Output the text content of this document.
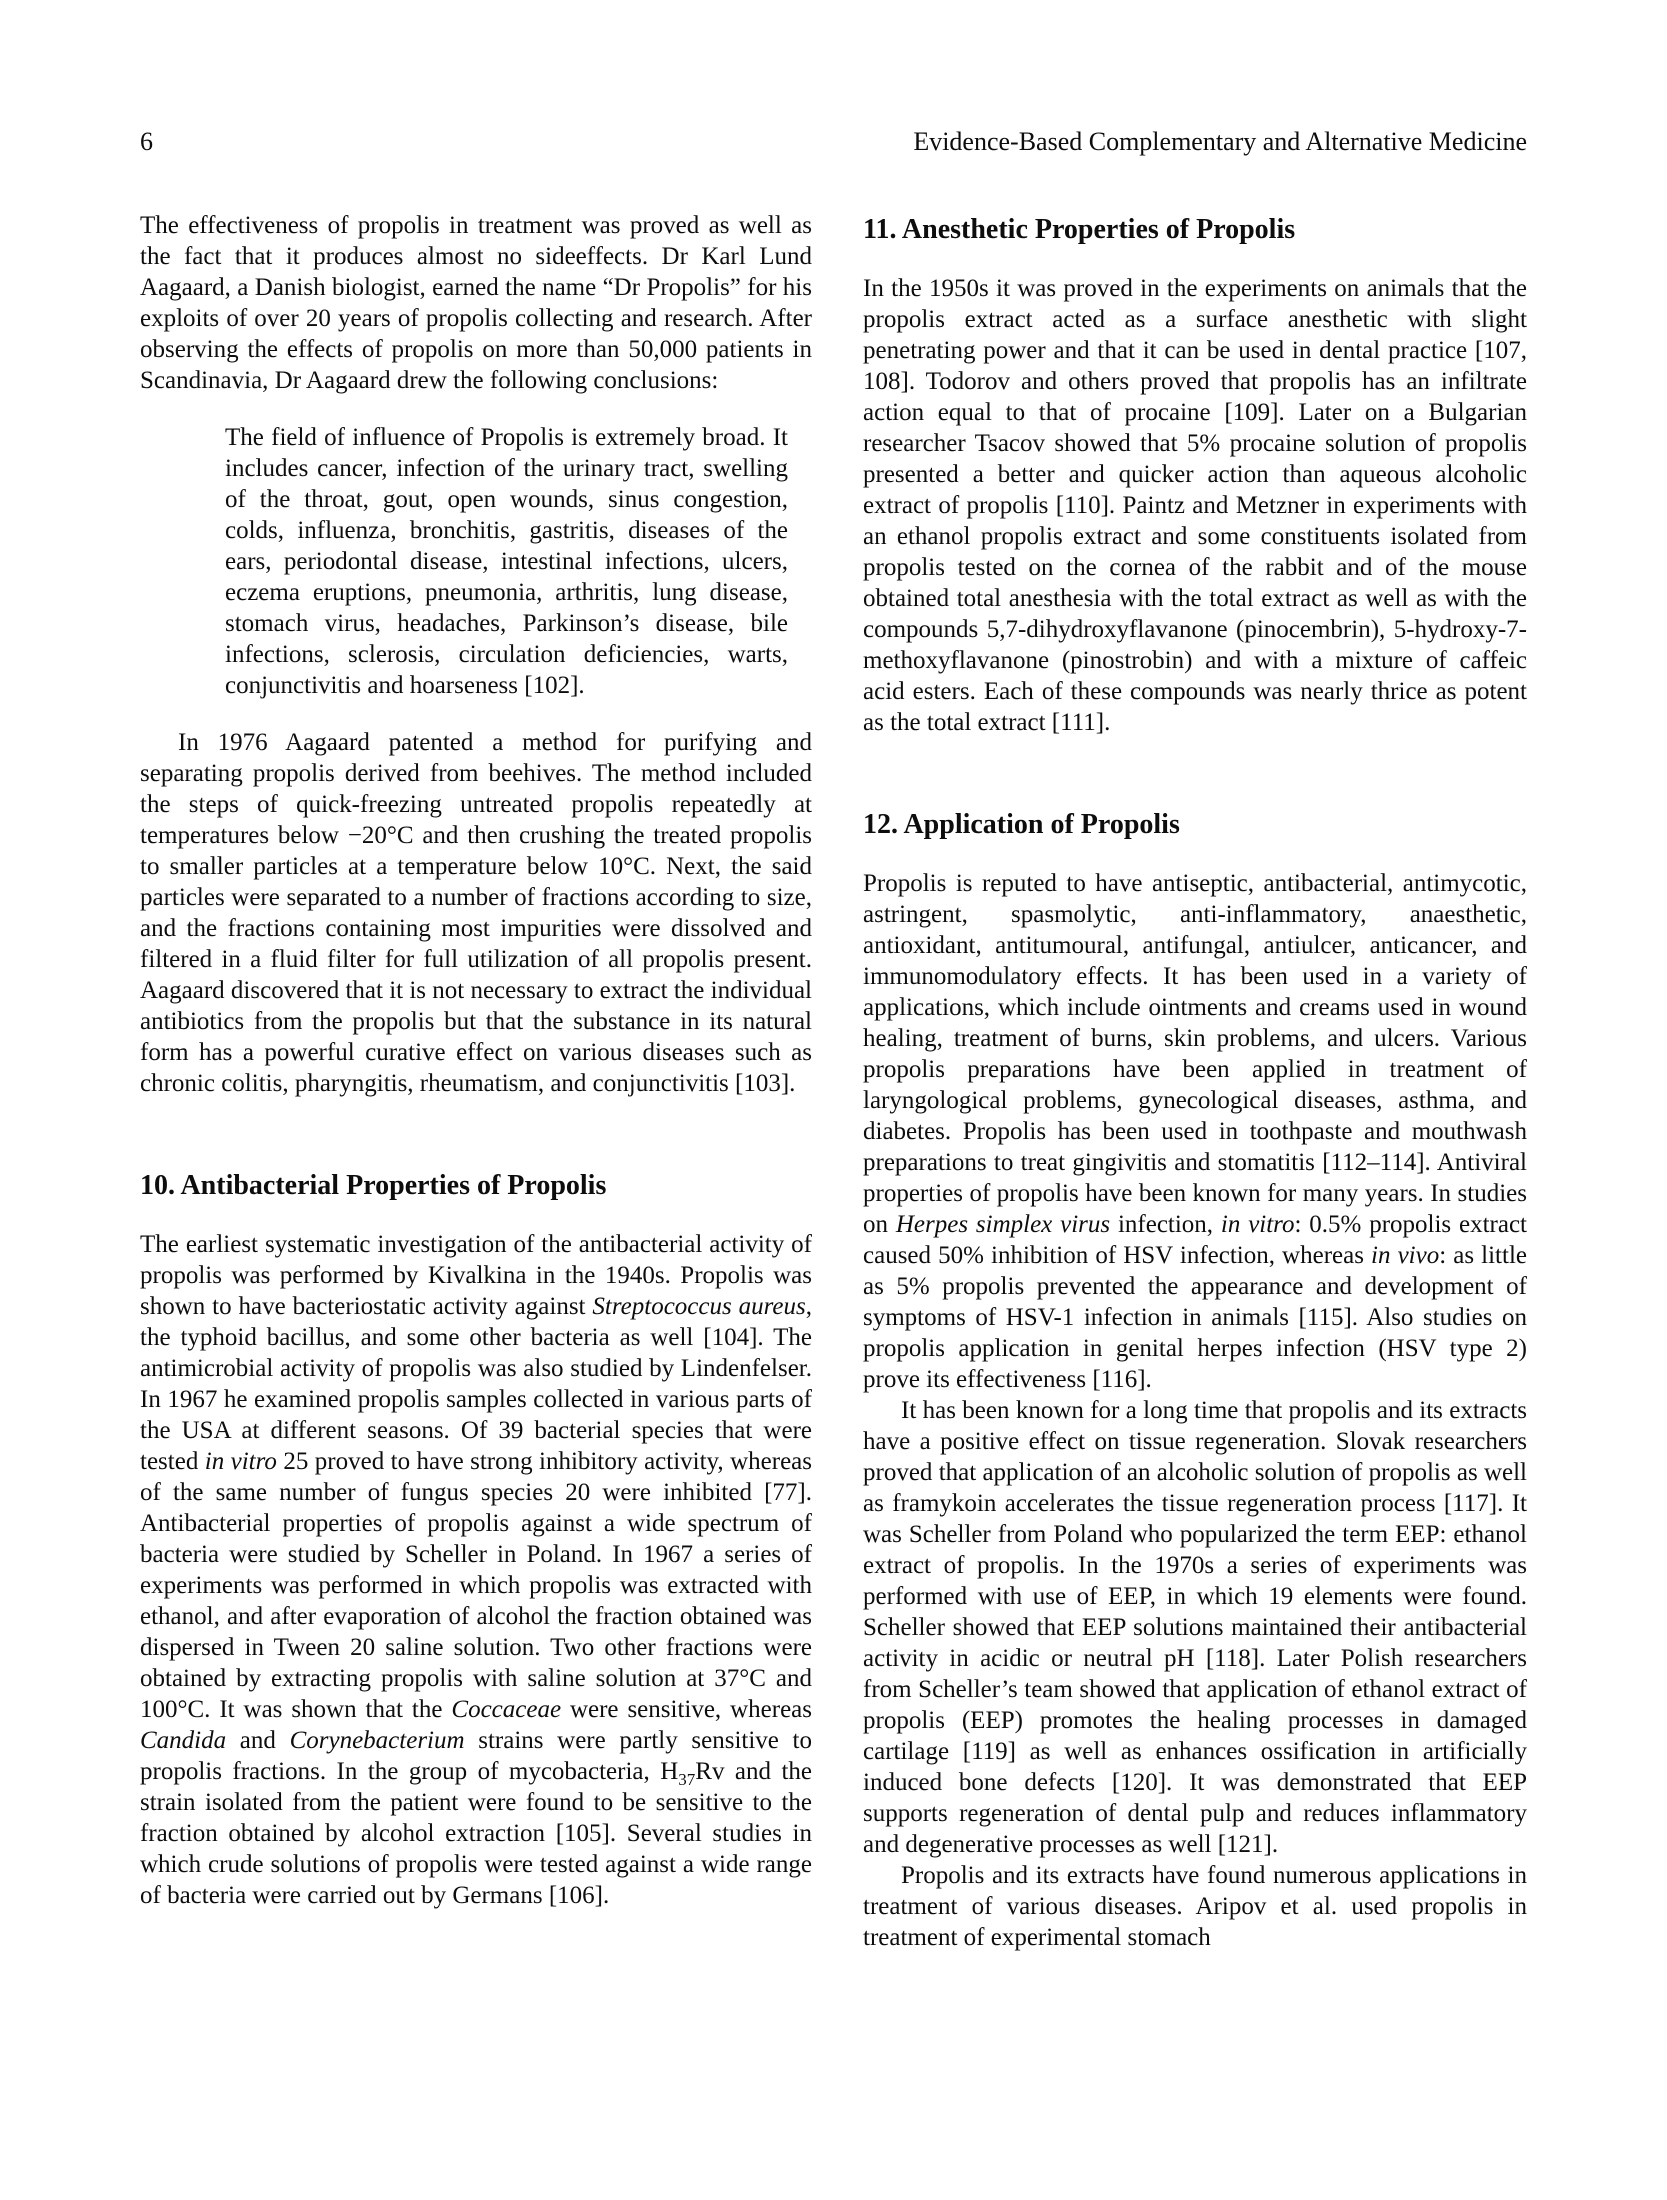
6	Evidence-Based Complementary and Alternative Medicine

The effectiveness of propolis in treatment was proved as well as the fact that it produces almost no sideeffects. Dr Karl Lund Aagaard, a Danish biologist, earned the name “Dr Propolis” for his exploits of over 20 years of propolis collecting and research. After observing the effects of propolis on more than 50,000 patients in Scandinavia, Dr Aagaard drew the following conclusions:

The field of influence of Propolis is extremely broad. It includes cancer, infection of the urinary tract, swelling of the throat, gout, open wounds, sinus congestion, colds, influenza, bronchitis, gastritis, diseases of the ears, periodontal disease, intestinal infections, ulcers, eczema eruptions, pneumonia, arthritis, lung disease, stomach virus, headaches, Parkinson’s disease, bile infections, sclerosis, circulation deficiencies, warts, conjunctivitis and hoarseness [102].

In 1976 Aagaard patented a method for purifying and separating propolis derived from beehives. The method included the steps of quick-freezing untreated propolis repeatedly at temperatures below −20°C and then crushing the treated propolis to smaller particles at a temperature below 10°C. Next, the said particles were separated to a number of fractions according to size, and the fractions containing most impurities were dissolved and filtered in a fluid filter for full utilization of all propolis present. Aagaard discovered that it is not necessary to extract the individual antibiotics from the propolis but that the substance in its natural form has a powerful curative effect on various diseases such as chronic colitis, pharyngitis, rheumatism, and conjunctivitis [103].

10. Antibacterial Properties of Propolis

The earliest systematic investigation of the antibacterial activity of propolis was performed by Kivalkina in the 1940s. Propolis was shown to have bacteriostatic activity against Streptococcus aureus, the typhoid bacillus, and some other bacteria as well [104]. The antimicrobial activity of propolis was also studied by Lindenfelser. In 1967 he examined propolis samples collected in various parts of the USA at different seasons. Of 39 bacterial species that were tested in vitro 25 proved to have strong inhibitory activity, whereas of the same number of fungus species 20 were inhibited [77]. Antibacterial properties of propolis against a wide spectrum of bacteria were studied by Scheller in Poland. In 1967 a series of experiments was performed in which propolis was extracted with ethanol, and after evaporation of alcohol the fraction obtained was dispersed in Tween 20 saline solution. Two other fractions were obtained by extracting propolis with saline solution at 37°C and 100°C. It was shown that the Coccaceae were sensitive, whereas Candida and Corynebacterium strains were partly sensitive to propolis fractions. In the group of mycobacteria, $H_{37}Rv$ and the strain isolated from the patient were found to be sensitive to the fraction obtained by alcohol extraction [105]. Several studies in which crude solutions of propolis were tested against a wide range of bacteria were carried out by Germans [106].

11. Anesthetic Properties of Propolis

In the 1950s it was proved in the experiments on animals that the propolis extract acted as a surface anesthetic with slight penetrating power and that it can be used in dental practice [107, 108]. Todorov and others proved that propolis has an infiltrate action equal to that of procaine [109]. Later on a Bulgarian researcher Tsacov showed that 5% procaine solution of propolis presented a better and quicker action than aqueous alcoholic extract of propolis [110]. Paintz and Metzner in experiments with an ethanol propolis extract and some constituents isolated from propolis tested on the cornea of the rabbit and of the mouse obtained total anesthesia with the total extract as well as with the compounds 5,7-dihydroxyflavanone (pinocembrin), 5-hydroxy-7-methoxyflavanone (pinostrobin) and with a mixture of caffeic acid esters. Each of these compounds was nearly thrice as potent as the total extract [111].

12. Application of Propolis

Propolis is reputed to have antiseptic, antibacterial, antimycotic, astringent, spasmolytic, anti-inflammatory, anaesthetic, antioxidant, antitumoural, antifungal, antiulcer, anticancer, and immunomodulatory effects. It has been used in a variety of applications, which include ointments and creams used in wound healing, treatment of burns, skin problems, and ulcers. Various propolis preparations have been applied in treatment of laryngological problems, gynecological diseases, asthma, and diabetes. Propolis has been used in toothpaste and mouthwash preparations to treat gingivitis and stomatitis [112–114]. Antiviral properties of propolis have been known for many years. In studies on Herpes simplex virus infection, in vitro: 0.5% propolis extract caused 50% inhibition of HSV infection, whereas in vivo: as little as 5% propolis prevented the appearance and development of symptoms of HSV-1 infection in animals [115]. Also studies on propolis application in genital herpes infection (HSV type 2) prove its effectiveness [116].

It has been known for a long time that propolis and its extracts have a positive effect on tissue regeneration. Slovak researchers proved that application of an alcoholic solution of propolis as well as framykoin accelerates the tissue regeneration process [117]. It was Scheller from Poland who popularized the term EEP: ethanol extract of propolis. In the 1970s a series of experiments was performed with use of EEP, in which 19 elements were found. Scheller showed that EEP solutions maintained their antibacterial activity in acidic or neutral pH [118]. Later Polish researchers from Scheller’s team showed that application of ethanol extract of propolis (EEP) promotes the healing processes in damaged cartilage [119] as well as enhances ossification in artificially induced bone defects [120]. It was demonstrated that EEP supports regeneration of dental pulp and reduces inflammatory and degenerative processes as well [121].

Propolis and its extracts have found numerous applications in treatment of various diseases. Aripov et al. used propolis in treatment of experimental stomach
